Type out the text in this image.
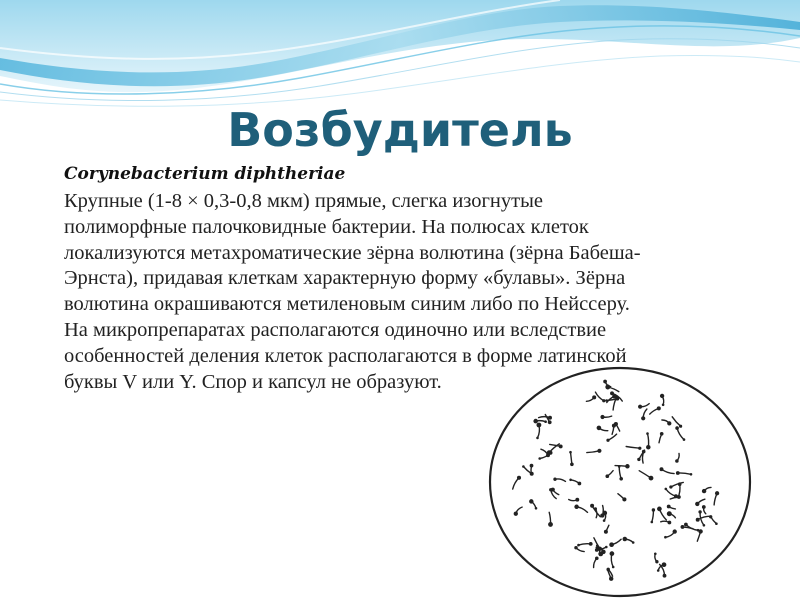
Возбудитель
Corynebacterium diphtheriae
Крупные (1-8 × 0,3-0,8 мкм) прямые, слегка изогнутые
полиморфные палочковидные бактерии. На полюсах клеток
локализуются метахроматические зёрна волютина (зёрна Бабеша-
Эрнста), придавая клеткам характерную форму «булавы». Зёрна
волютина окрашиваются метиленовым синим либо по Нейссеру.
На микропрепаратах располагаются одиночно или вследствие
особенностей деления клеток располагаются в форме латинской
буквы V или Y. Спор и капсул не образуют.
